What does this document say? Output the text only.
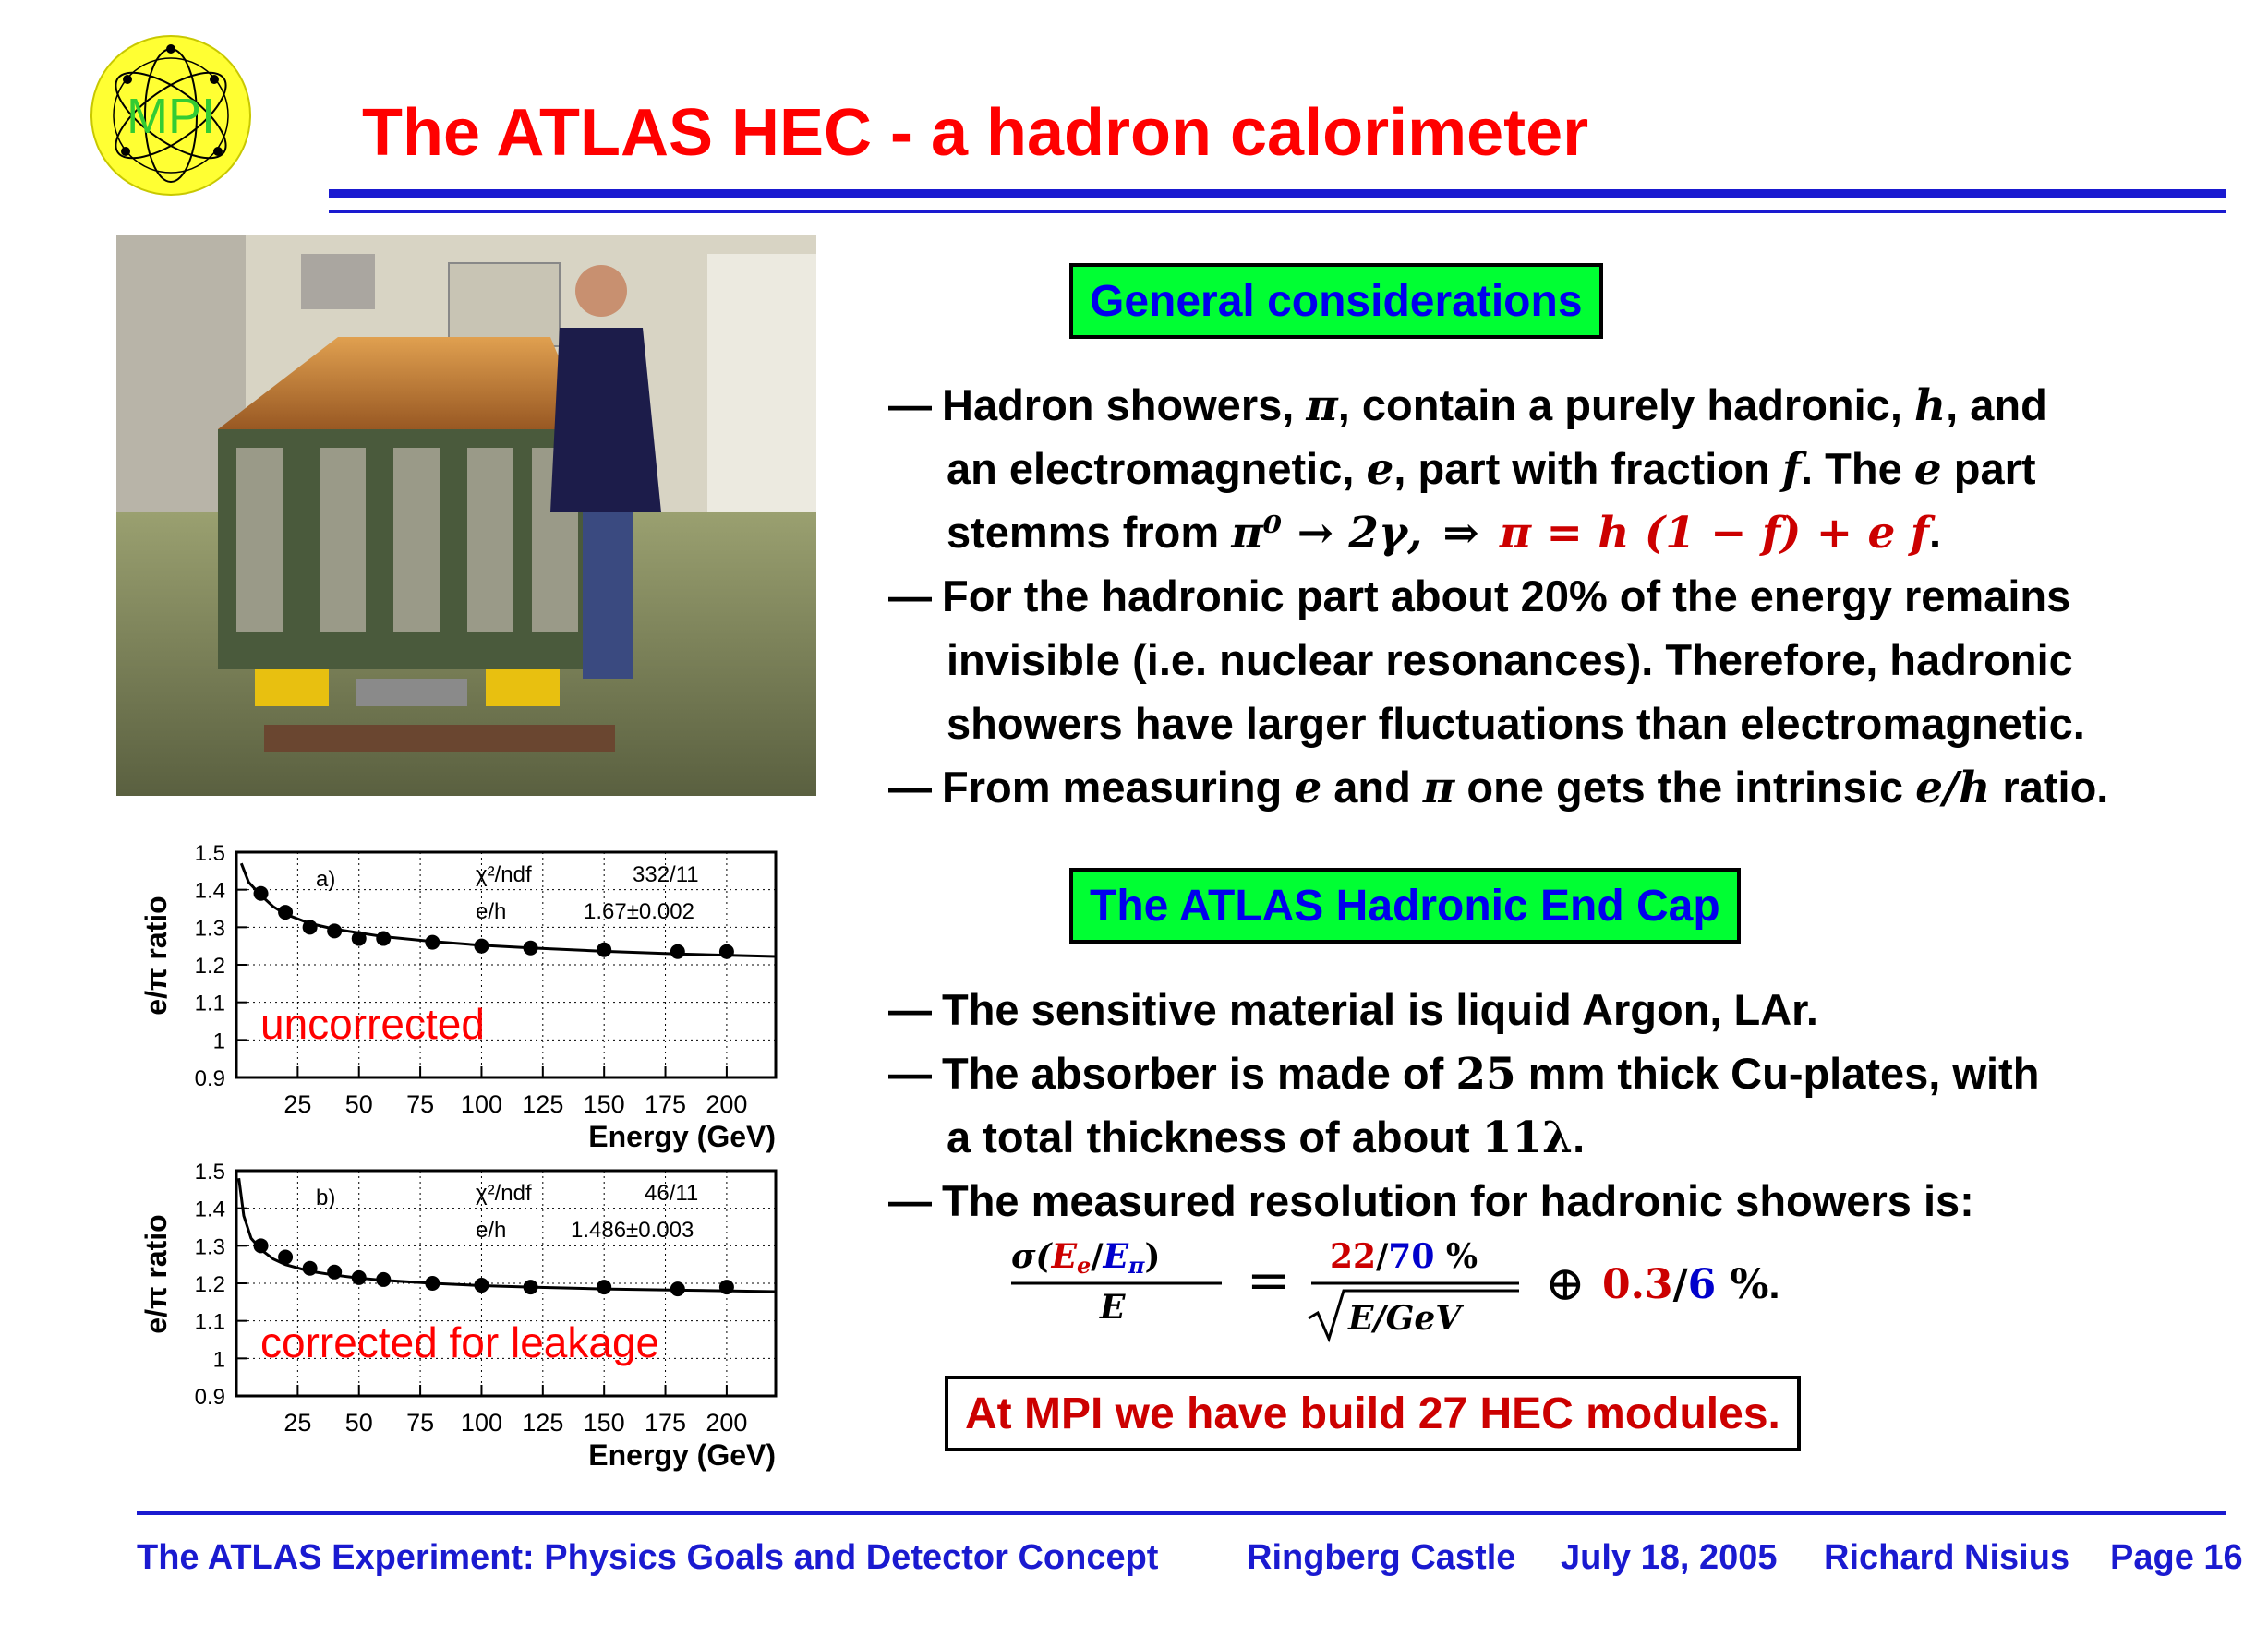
MPI The ATLAS HEC - a hadron calorimeter
e/π ratio
25 50 75 100 125 150 175 200
0.9
1
1.1
1.2
1.3
1.4
1.5
a)	χ²/ndf	332/11
e/h	1.67±0.002
uncorrected
Energy (GeV)
e/π ratio
25 50 75 100 125 150 175 200
0.9
1
1.1
1.2
1.3
1.4
1.5
b)	χ²/ndf	46/11
e/h	1.486±0.003
corrected for leakage
Energy (GeV)
General considerations
— Hadron showers, π, contain a purely hadronic, h, and
an electromagnetic, e, part with fraction f. The e part
stemms from π⁰ → 2γ, ⇒ π = h (1 − f) + e f.
— For the hadronic part about 20% of the energy remains
invisible (i.e. nuclear resonances). Therefore, hadronic
showers have larger fluctuations than electromagnetic.
— From measuring e and π one gets the intrinsic e/h ratio.
The ATLAS Hadronic End Cap
— The sensitive material is liquid Argon, LAr.
— The absorber is made of 25 mm thick Cu-plates, with
a total thickness of about 11λ.
— The measured resolution for hadronic showers is:
σ(Ee/Eπ)
E = 22/70 %
E/GeV
⊕ 0.3/6 %.
At MPI we have build 27 HEC modules.
The ATLAS Experiment: Physics Goals and Detector Concept	Ringberg Castle July 18, 2005 Richard Nisius Page 16
